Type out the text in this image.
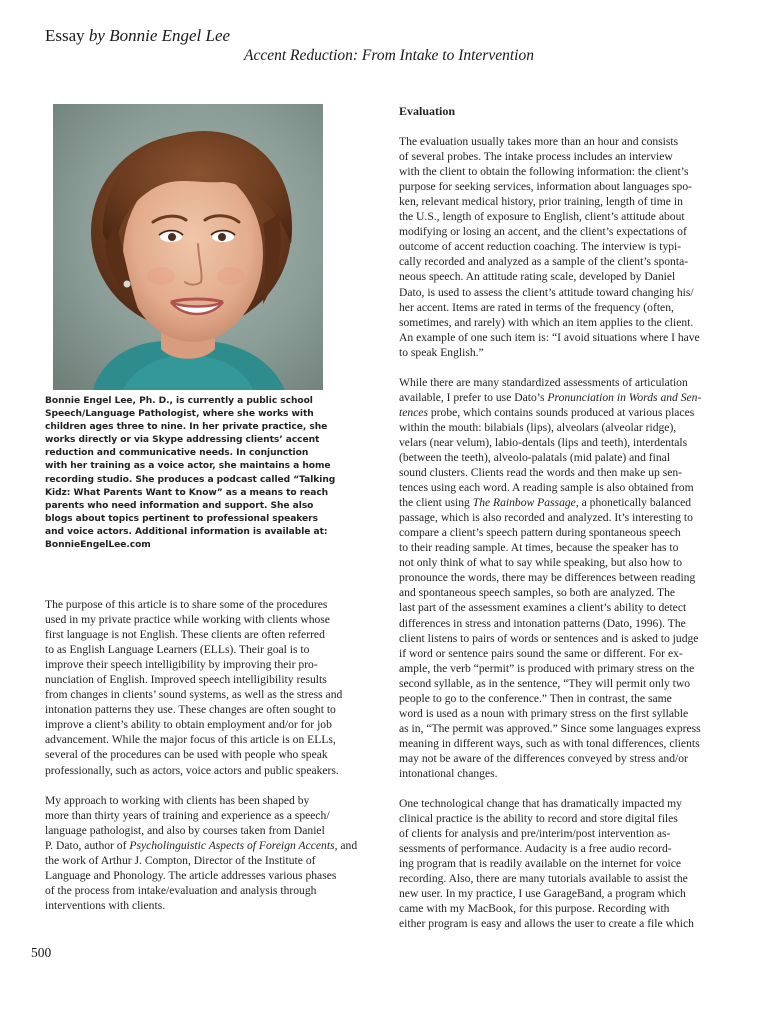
Essay by Bonnie Engel Lee
Accent Reduction: From Intake to Intervention
Bonnie Engel Lee, Ph. D., is currently a public school
Speech/Language Pathologist, where she works with
children ages three to nine. In her private practice, she
works directly or via Skype addressing clients’ accent
reduction and communicative needs. In conjunction
with her training as a voice actor, she maintains a home
recording studio. She produces a podcast called “Talking
Kidz: What Parents Want to Know” as a means to reach
parents who need information and support. She also
blogs about topics pertinent to professional speakers
and voice actors. Additional information is available at:
BonnieEngelLee.com

The purpose of this article is to share some of the procedures
used in my private practice while working with clients whose
first language is not English. These clients are often referred
to as English Language Learners (ELLs). Their goal is to
improve their speech intelligibility by improving their pro-
nunciation of English. Improved speech intelligibility results
from changes in clients’ sound systems, as well as the stress and
intonation patterns they use. These changes are often sought to
improve a client’s ability to obtain employment and/or for job
advancement. While the major focus of this article is on ELLs,
several of the procedures can be used with people who speak
professionally, such as actors, voice actors and public speakers.

My approach to working with clients has been shaped by
more than thirty years of training and experience as a speech/
language pathologist, and also by courses taken from Daniel
P. Dato, author of Psycholinguistic Aspects of Foreign Accents, and
the work of Arthur J. Compton, Director of the Institute of
Language and Phonology. The article addresses various phases
of the process from intake/evaluation and analysis through
interventions with clients.

Evaluation

The evaluation usually takes more than an hour and consists
of several probes. The intake process includes an interview
with the client to obtain the following information: the client’s
purpose for seeking services, information about languages spo-
ken, relevant medical history, prior training, length of time in
the U.S., length of exposure to English, client’s attitude about
modifying or losing an accent, and the client’s expectations of
outcome of accent reduction coaching. The interview is typi-
cally recorded and analyzed as a sample of the client’s sponta-
neous speech. An attitude rating scale, developed by Daniel
Dato, is used to assess the client’s attitude toward changing his/
her accent. Items are rated in terms of the frequency (often,
sometimes, and rarely) with which an item applies to the client.
An example of one such item is: “I avoid situations where I have
to speak English.”

While there are many standardized assessments of articulation
available, I prefer to use Dato’s Pronunciation in Words and Sen-
tences probe, which contains sounds produced at various places
within the mouth: bilabials (lips), alveolars (alveolar ridge),
velars (near velum), labio-dentals (lips and teeth), interdentals
(between the teeth), alveolo-palatals (mid palate) and final
sound clusters. Clients read the words and then make up sen-
tences using each word. A reading sample is also obtained from
the client using The Rainbow Passage, a phonetically balanced
passage, which is also recorded and analyzed. It’s interesting to
compare a client’s speech pattern during spontaneous speech
to their reading sample. At times, because the speaker has to
not only think of what to say while speaking, but also how to
pronounce the words, there may be differences between reading
and spontaneous speech samples, so both are analyzed. The
last part of the assessment examines a client’s ability to detect
differences in stress and intonation patterns (Dato, 1996). The
client listens to pairs of words or sentences and is asked to judge
if word or sentence pairs sound the same or different. For ex-
ample, the verb “permit” is produced with primary stress on the
second syllable, as in the sentence, “They will permit only two
people to go to the conference.” Then in contrast, the same
word is used as a noun with primary stress on the first syllable
as in, “The permit was approved.” Since some languages express
meaning in different ways, such as with tonal differences, clients
may not be aware of the differences conveyed by stress and/or
intonational changes.

One technological change that has dramatically impacted my
clinical practice is the ability to record and store digital files
of clients for analysis and pre/interim/post intervention as-
sessments of performance. Audacity is a free audio record-
ing program that is readily available on the internet for voice
recording. Also, there are many tutorials available to assist the
new user. In my practice, I use GarageBand, a program which
came with my MacBook, for this purpose. Recording with
either program is easy and allows the user to create a file which

500
